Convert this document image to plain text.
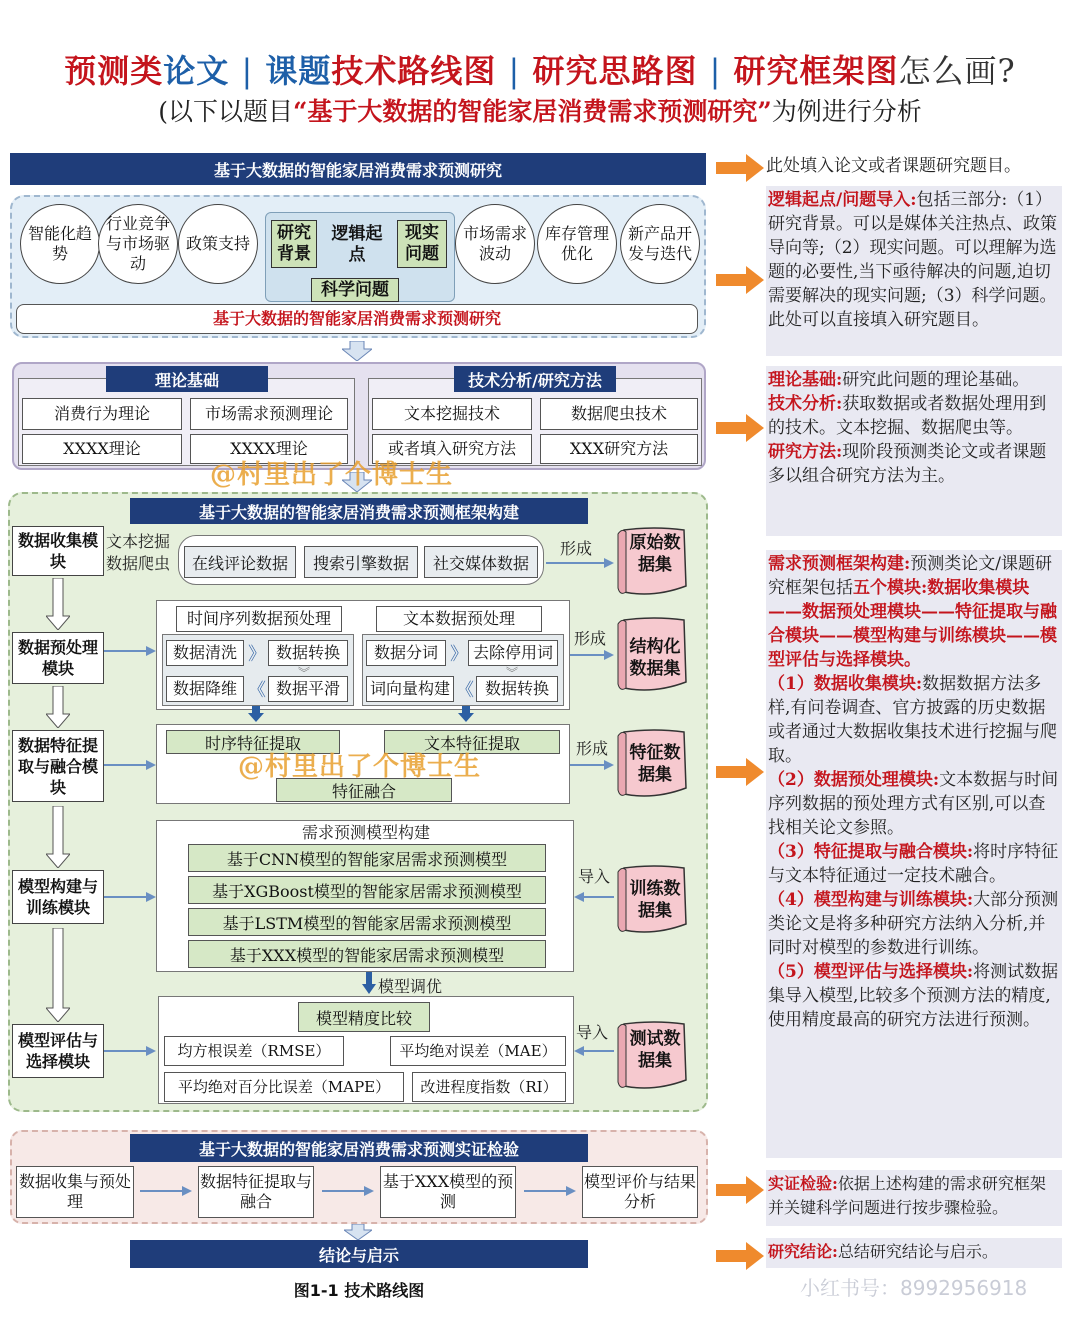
预测类论文 | 课题技术路线图 | 研究思路图 | 研究框架图怎么画?
(以下以题目“基于大数据的智能家居消费需求预测研究”为例进行分析
基于大数据的智能家居消费需求预测研究
智能化趋势
行业竞争与市场驱动
政策支持
研究背景
逻辑起点
现实问题
科学问题
市场需求波动
库存管理优化
新产品开发与迭代
基于大数据的智能家居消费需求预测研究
理论基础
消费行为理论	市场需求预测理论
XXXX理论	XXXX理论
技术分析/研究方法
文本挖掘技术	数据爬虫技术
或者填入研究方法	XXX研究方法
基于大数据的智能家居消费需求预测框架构建
数据收集模块
数据预处理模块
数据特征提取与融合模块
模型构建与训练模块
模型评估与选择模块
文本挖掘
数据爬虫	在线评论数据	搜索引擎数据	社交媒体数据
时间序列数据预处理	文本数据预处理
数据清洗	数据转换
数据降维	数据平滑
》
《
数据分词	去除停用词
词向量构建	数据转换
》
《
︾	︾
时序特征提取	文本特征提取
特征融合
需求预测模型构建
基于CNN模型的智能家居需求预测模型
基于XGBoost模型的智能家居需求预测模型
基于LSTM模型的智能家居需求预测模型
基于XXX模型的智能家居需求预测模型
模型调优
模型精度比较
均方根误差（RMSE）	平均绝对误差（MAE）
平均绝对百分比误差（MAPE）	改进程度指数（RI）
形成
形成
形成
导入
导入
原始数据集
结构化数据集
特征数据集
训练数据集
测试数据集
基于大数据的智能家居消费需求预测实证检验
数据收集与预处理
数据特征提取与融合
基于XXX模型的预测
模型评价与结果分析
结论与启示
图1-1 技术路线图
此处填入论文或者课题研究题目。
逻辑起点/问题导入:包括三部分:（1）研究背景。可以是媒体关注热点、政策导向等;（2）现实问题。可以理解为选题的必要性,当下亟待解决的问题,迫切需要解决的现实问题;（3）科学问题。此处可以直接填入研究题目。
理论基础:研究此问题的理论基础。
技术分析:获取数据或者数据处理用到的技术。文本挖掘、数据爬虫等。
研究方法:现阶段预测类论文或者课题多以组合研究方法为主。
需求预测框架构建:预测类论文/课题研究框架包括五个模块:数据收集模块——数据预处理模块——特征提取与融合模块——模型构建与训练模块——模型评估与选择模块。
（1）数据收集模块:数据数据方法多样,有问卷调查、官方披露的历史数据或者通过大数据收集技术进行挖掘与爬取。
（2）数据预处理模块:文本数据与时间序列数据的预处理方式有区别,可以查找相关论文参照。
（3）特征提取与融合模块:将时序特征与文本特征通过一定技术融合。
（4）模型构建与训练模块:大部分预测类论文是将多种研究方法纳入分析,并同时对模型的参数进行训练。
（5）模型评估与选择模块:将测试数据集导入模型,比较多个预测方法的精度,使用精度最高的研究方法进行预测。
实证检验:依据上述构建的需求研究框架并关键科学问题进行按步骤检验。
研究结论:总结研究结论与启示。
@村里出了个博士生
@村里出了个博士生
小红书号：8992956918
